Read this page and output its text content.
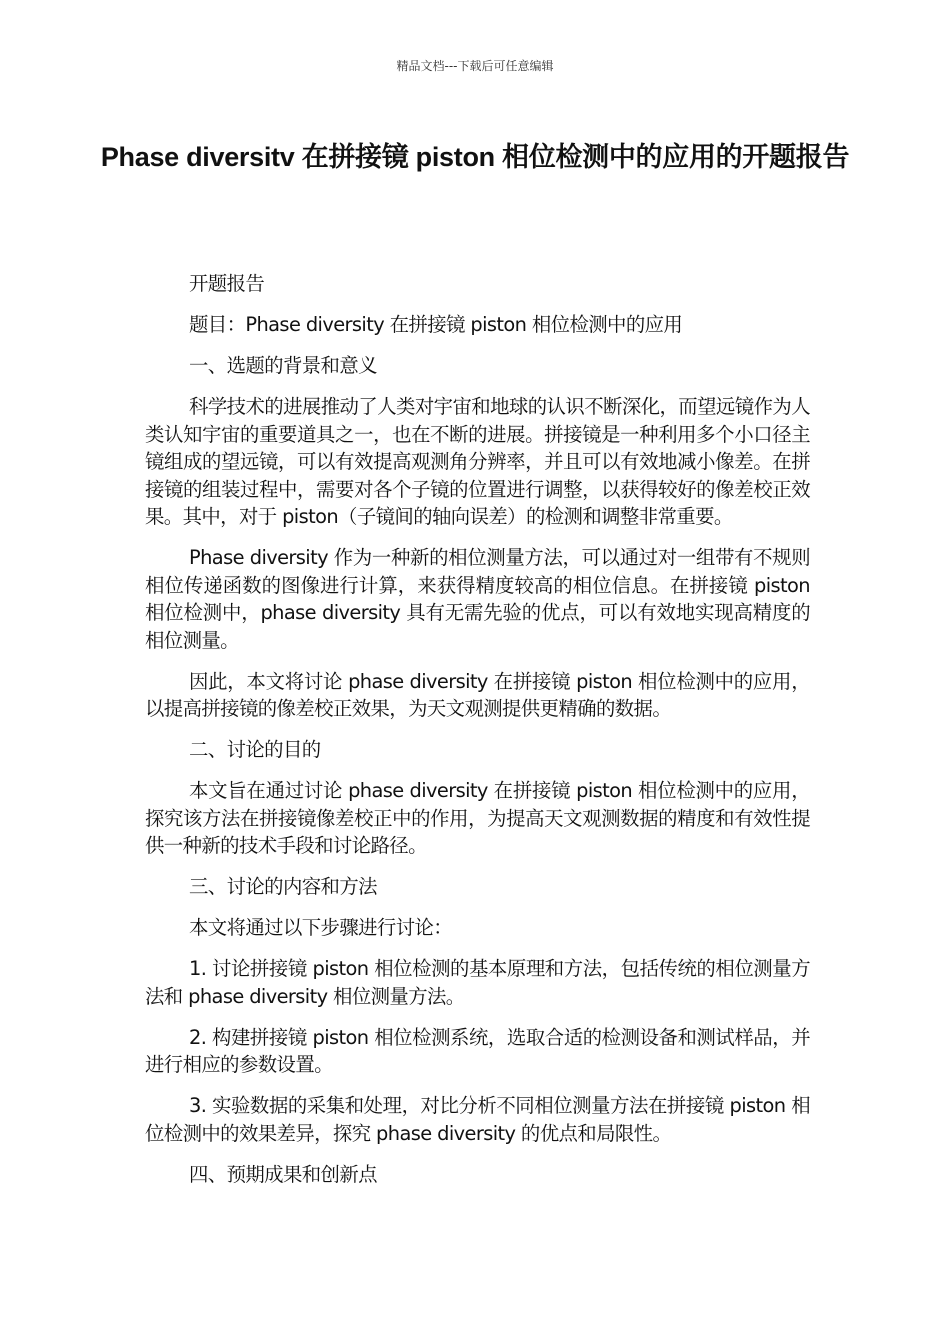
精品文档---下载后可任意编辑
Phase diversitv 在拼接镜 piston 相位检测中的应用的开题报告

开题报告

题目：Phase diversity 在拼接镜 piston 相位检测中的应用

一、选题的背景和意义

科学技术的进展推动了人类对宇宙和地球的认识不断深化，而望远镜作为人类认知宇宙的重要道具之一，也在不断的进展。拼接镜是一种利用多个小口径主镜组成的望远镜，可以有效提高观测角分辨率，并且可以有效地减小像差。在拼接镜的组装过程中，需要对各个子镜的位置进行调整，以获得较好的像差校正效果。其中，对于 piston（子镜间的轴向误差）的检测和调整非常重要。

Phase diversity 作为一种新的相位测量方法，可以通过对一组带有不规则相位传递函数的图像进行计算，来获得精度较高的相位信息。在拼接镜 piston 相位检测中，phase diversity 具有无需先验的优点，可以有效地实现高精度的相位测量。

因此，本文将讨论 phase diversity 在拼接镜 piston 相位检测中的应用，以提高拼接镜的像差校正效果，为天文观测提供更精确的数据。

二、讨论的目的

本文旨在通过讨论 phase diversity 在拼接镜 piston 相位检测中的应用，探究该方法在拼接镜像差校正中的作用，为提高天文观测数据的精度和有效性提供一种新的技术手段和讨论路径。

三、讨论的内容和方法

本文将通过以下步骤进行讨论：

1. 讨论拼接镜 piston 相位检测的基本原理和方法，包括传统的相位测量方法和 phase diversity 相位测量方法。

2. 构建拼接镜 piston 相位检测系统，选取合适的检测设备和测试样品，并进行相应的参数设置。

3. 实验数据的采集和处理，对比分析不同相位测量方法在拼接镜 piston 相位检测中的效果差异，探究 phase diversity 的优点和局限性。

四、预期成果和创新点
